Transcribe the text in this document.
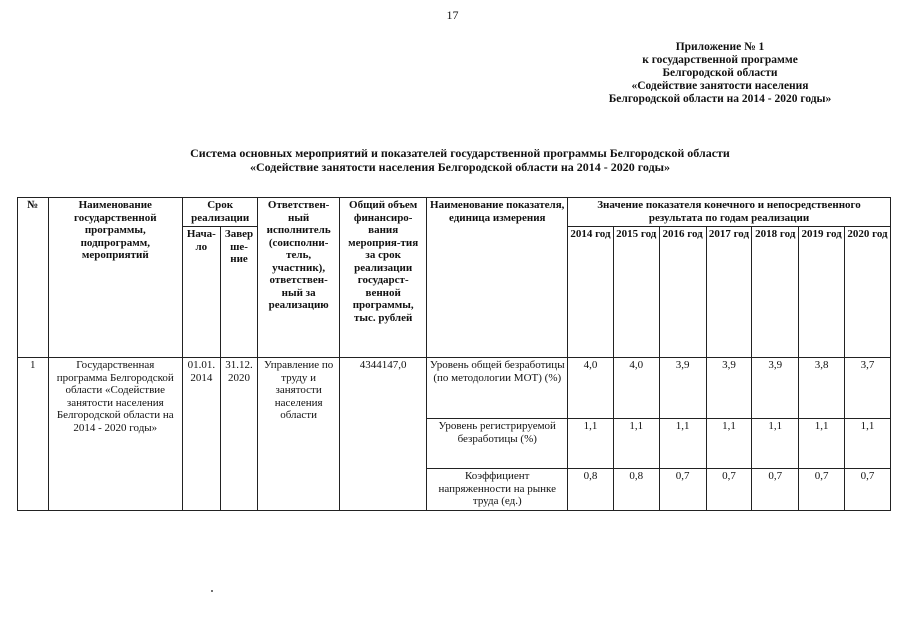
17
Приложение № 1
к государственной программе
Белгородской области
«Содействие занятости населения
Белгородской области на 2014 - 2020 годы»
Система основных мероприятий и показателей государственной программы Белгородской области
«Содействие занятости населения Белгородской области на 2014 - 2020 годы»
№	Наименование государственной программы, подпрограмм, мероприятий	Срок реализации		Ответствен-ный исполнитель (соисполни-тель, участник), ответствен-ный за реализацию	Общий объем финансиро-вания мероприя-тия за срок реализации государст-венной программы, тыс. рублей	Наименование показателя, единица измерения	Значение показателя конечного и непосредственного результата по годам реализации						
		Нача-ло	Завер ше-ние				2014 год	2015 год	2016 год	2017 год	2018 год	2019 год	2020 год
1	Государственная программа Белгородской области «Содействие занятости населения Белгородской области на 2014 - 2020 годы»	01.01. 2014	31.12. 2020	Управление по труду и занятости населения области	4344147,0	Уровень общей безработицы (по методологии МОТ) (%)	4,0	4,0	3,9	3,9	3,9	3,8	3,7
						Уровень регистрируемой безработицы (%)	1,1	1,1	1,1	1,1	1,1	1,1	1,1
						Коэффициент напряженности на рынке труда (ед.)	0,8	0,8	0,7	0,7	0,7	0,7	0,7
